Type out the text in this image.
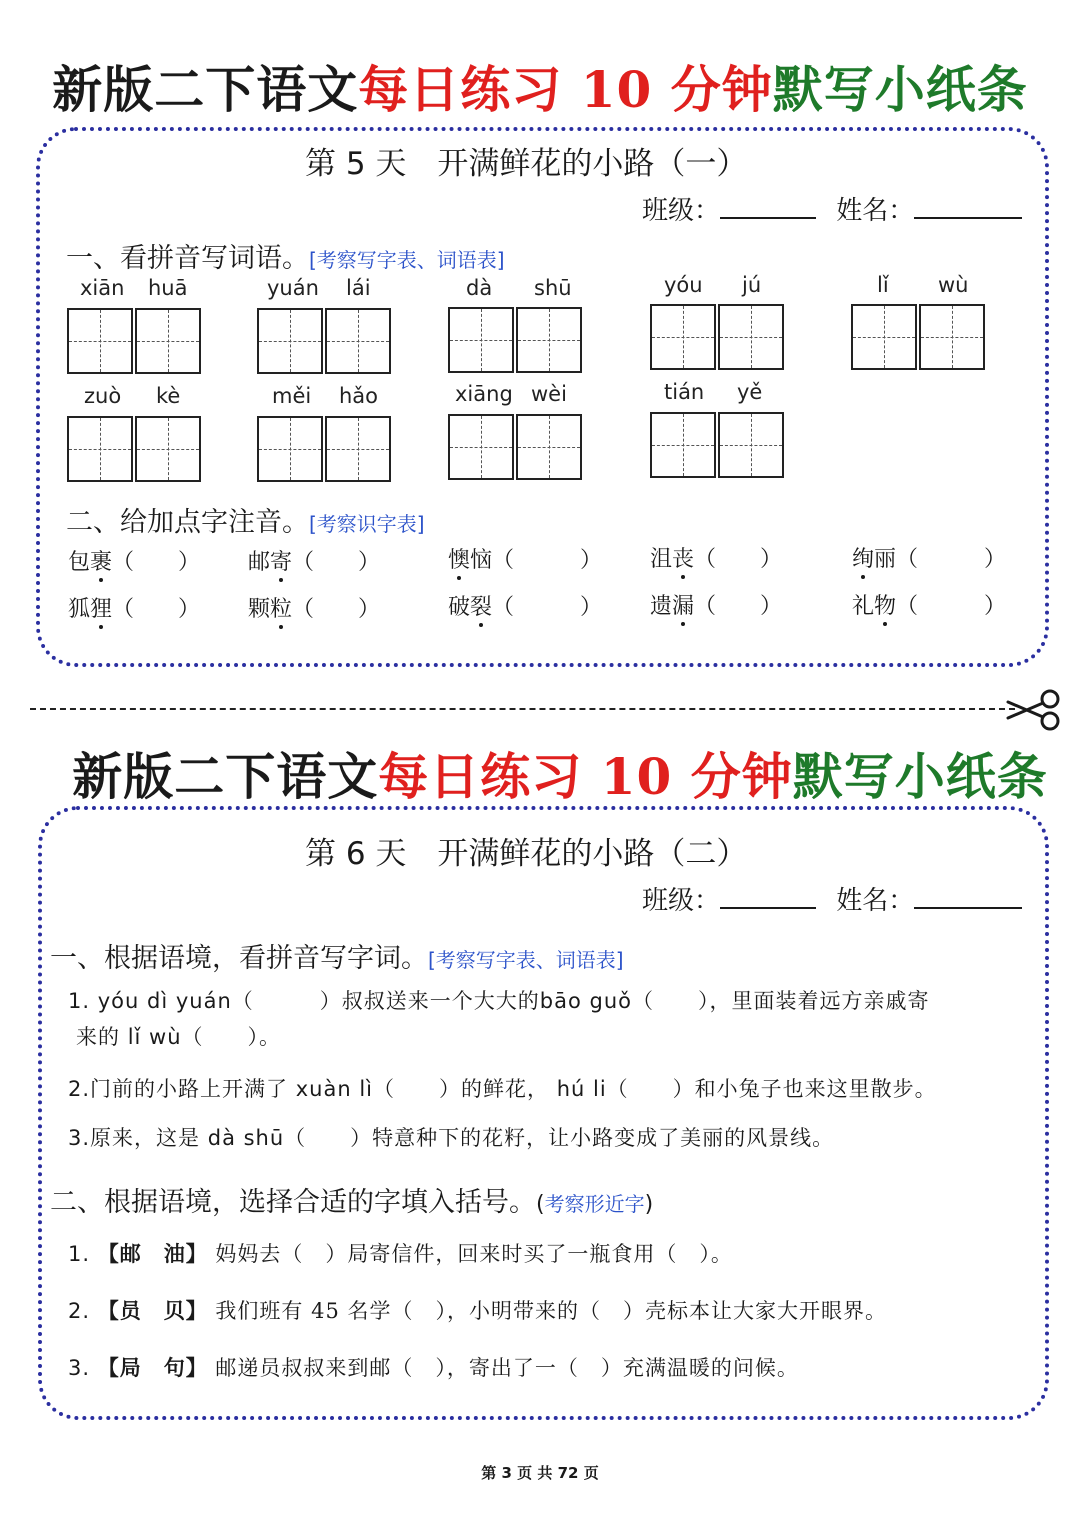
新版二下语文每日练习 10 分钟默写小纸条
第 5 天　开满鲜花的小路（一）
班级：	姓名：
一、看拼音写词语。[考察写字表、词语表]
xiān huā	yuán lái	dà shū	yóu jú	lǐ wù
zuò kè	měi hǎo	xiāng wèi	tián yě
二、给加点字注音。[考察识字表]
包裹（　　） 邮寄（　　）	懊恼（　　　） 沮丧（　　）	绚丽（　　　）
狐狸（　　） 颗粒（　　）	破裂（　　　） 遗漏（　　）	礼物（　　　）
新版二下语文每日练习 10 分钟默写小纸条
第 6 天　开满鲜花的小路（二）
班级：	姓名：
一、根据语境，看拼音写字词。[考察写字表、词语表]
1. yóu dì yuán（　　　）叔叔送来一个大大的bāo guǒ（　　），里面装着远方亲戚寄
来的 lǐ wù（　　）。
2.门前的小路上开满了 xuàn lì（　　）的鲜花， hú li（　　）和小兔子也来这里散步。
3.原来，这是 dà shū（　　）特意种下的花籽，让小路变成了美丽的风景线。
二、根据语境，选择合适的字填入括号。(考察形近字)
1. 【邮　油】 妈妈去（　）局寄信件，回来时买了一瓶食用（　）。
2. 【员　贝】 我们班有 45 名学（　），小明带来的（　）壳标本让大家大开眼界。
3. 【局　句】 邮递员叔叔来到邮（　），寄出了一（　）充满温暖的问候。
第 3 页 共 72 页
